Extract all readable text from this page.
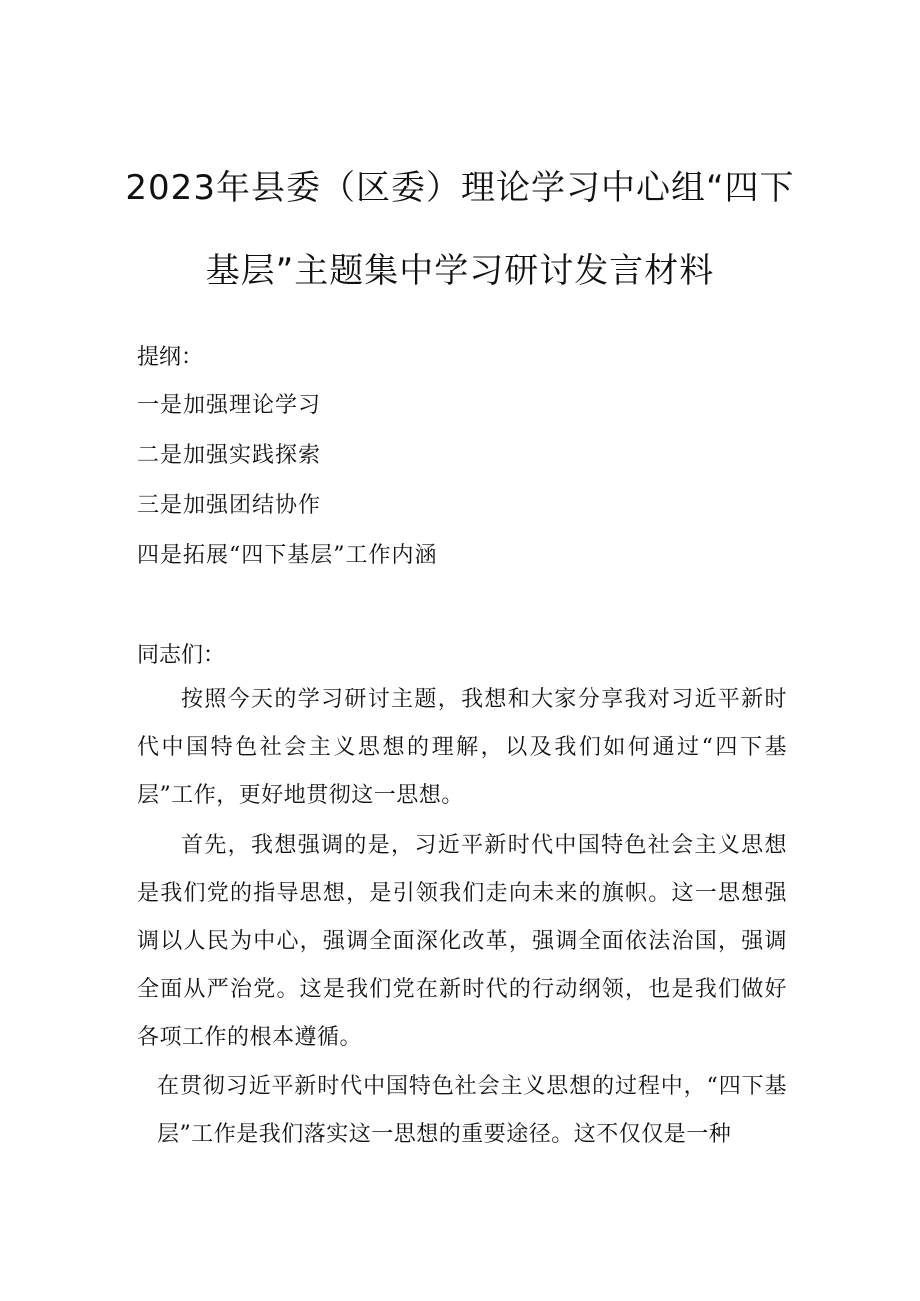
2023年县委（区委）理论学习中心组“四下
基层”主题集中学习研讨发言材料
提纲：
一是加强理论学习
二是加强实践探索
三是加强团结协作
四是拓展“四下基层”工作内涵
同志们：

按照今天的学习研讨主题，我想和大家分享我对习近平新时代中国特色社会主义思想的理解，以及我们如何通过“四下基层”工作，更好地贯彻这一思想。

首先，我想强调的是，习近平新时代中国特色社会主义思想是我们党的指导思想，是引领我们走向未来的旗帜。这一思想强调以人民为中心，强调全面深化改革，强调全面依法治国，强调全面从严治党。这是我们党在新时代的行动纲领，也是我们做好各项工作的根本遵循。

在贯彻习近平新时代中国特色社会主义思想的过程中，“四下基层”工作是我们落实这一思想的重要途径。这不仅仅是一种
